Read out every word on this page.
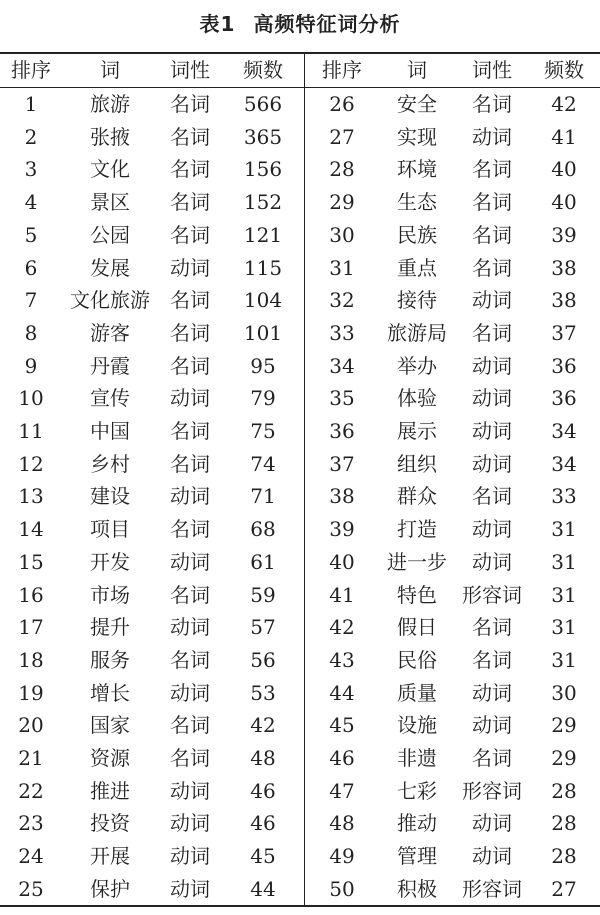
表1 高频特征词分析
排序	词	词性	频数	排序	词	词性	频数
1	旅游	名词	566	26	安全	名词	42
2	张掖	名词	365	27	实现	动词	41
3	文化	名词	156	28	环境	名词	40
4	景区	名词	152	29	生态	名词	40
5	公园	名词	121	30	民族	名词	39
6	发展	动词	115	31	重点	名词	38
7	文化旅游	名词	104	32	接待	动词	38
8	游客	名词	101	33	旅游局	名词	37
9	丹霞	名词	95	34	举办	动词	36
10	宣传	动词	79	35	体验	动词	36
11	中国	名词	75	36	展示	动词	34
12	乡村	名词	74	37	组织	动词	34
13	建设	动词	71	38	群众	名词	33
14	项目	名词	68	39	打造	动词	31
15	开发	动词	61	40	进一步	动词	31
16	市场	名词	59	41	特色	形容词	31
17	提升	动词	57	42	假日	名词	31
18	服务	名词	56	43	民俗	名词	31
19	增长	动词	53	44	质量	动词	30
20	国家	名词	42	45	设施	动词	29
21	资源	名词	48	46	非遗	名词	29
22	推进	动词	46	47	七彩	形容词	28
23	投资	动词	46	48	推动	动词	28
24	开展	动词	45	49	管理	动词	28
25	保护	动词	44	50	积极	形容词	27
